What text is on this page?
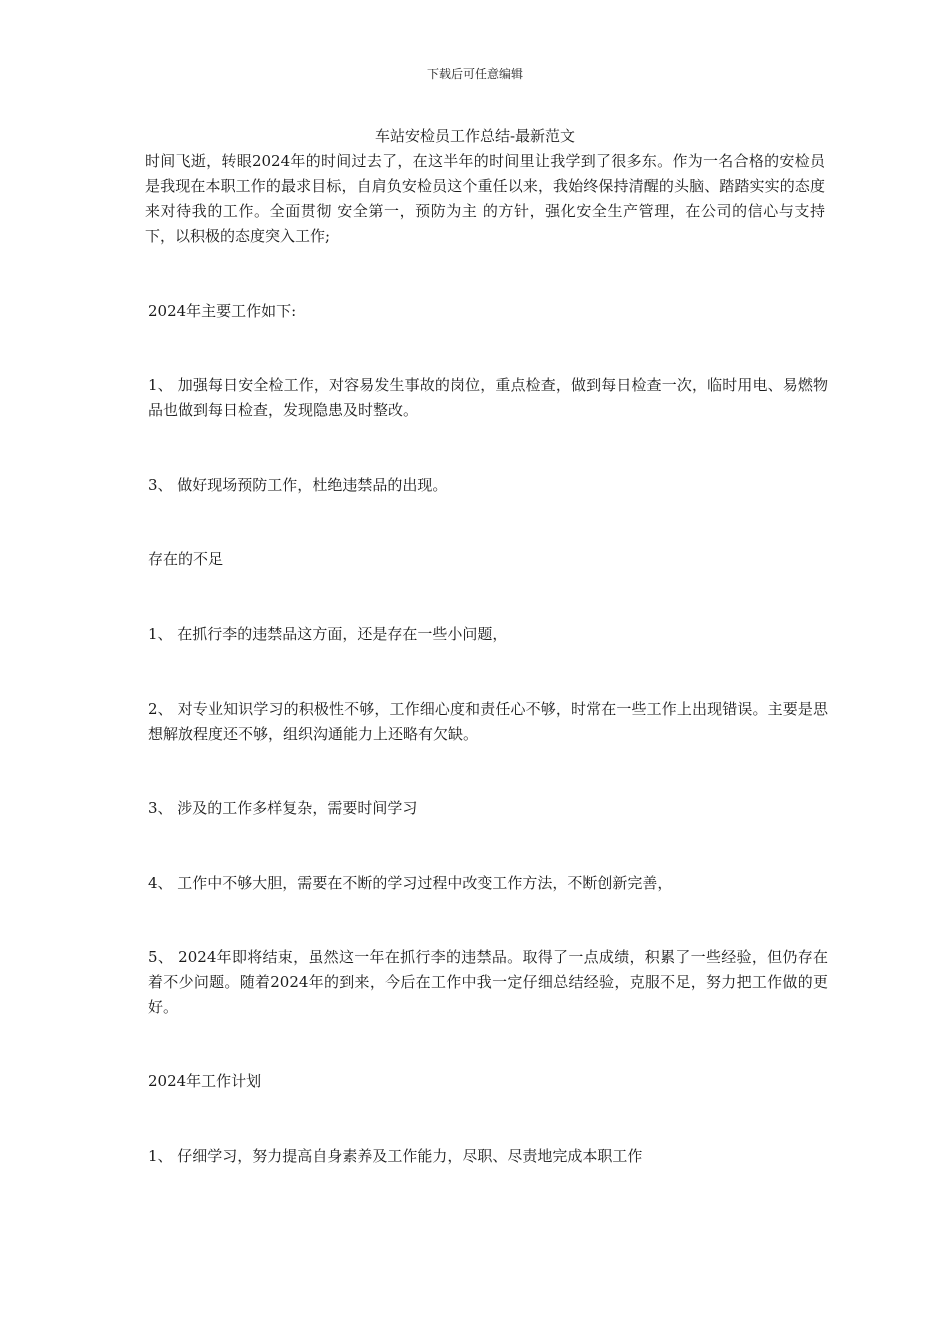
下载后可任意编辑
车站安检员工作总结-最新范文

时间飞逝，转眼2024年的时间过去了，在这半年的时间里让我学到了很多东。作为一名合格的安检员是我现在本职工作的最求目标，自肩负安检员这个重任以来，我始终保持清醒的头脑、踏踏实实的态度来对待我的工作。全面贯彻 安全第一，预防为主 的方针，强化安全生产管理，在公司的信心与支持下，以积极的态度突入工作;

2024年主要工作如下:

1、 加强每日安全检工作，对容易发生事故的岗位，重点检查，做到每日检查一次，临时用电、易燃物品也做到每日检查，发现隐患及时整改。

3、 做好现场预防工作，杜绝违禁品的出现。

存在的不足

1、 在抓行李的违禁品这方面，还是存在一些小问题，

2、 对专业知识学习的积极性不够，工作细心度和责任心不够，时常在一些工作上出现错误。主要是思想解放程度还不够，组织沟通能力上还略有欠缺。

3、 涉及的工作多样复杂，需要时间学习

4、 工作中不够大胆，需要在不断的学习过程中改变工作方法，不断创新完善，

5、 2024年即将结束，虽然这一年在抓行李的违禁品。取得了一点成绩，积累了一些经验，但仍存在着不少问题。随着2024年的到来，今后在工作中我一定仔细总结经验，克服不足，努力把工作做的更好。

2024年工作计划

1、 仔细学习，努力提高自身素养及工作能力，尽职、尽责地完成本职工作
